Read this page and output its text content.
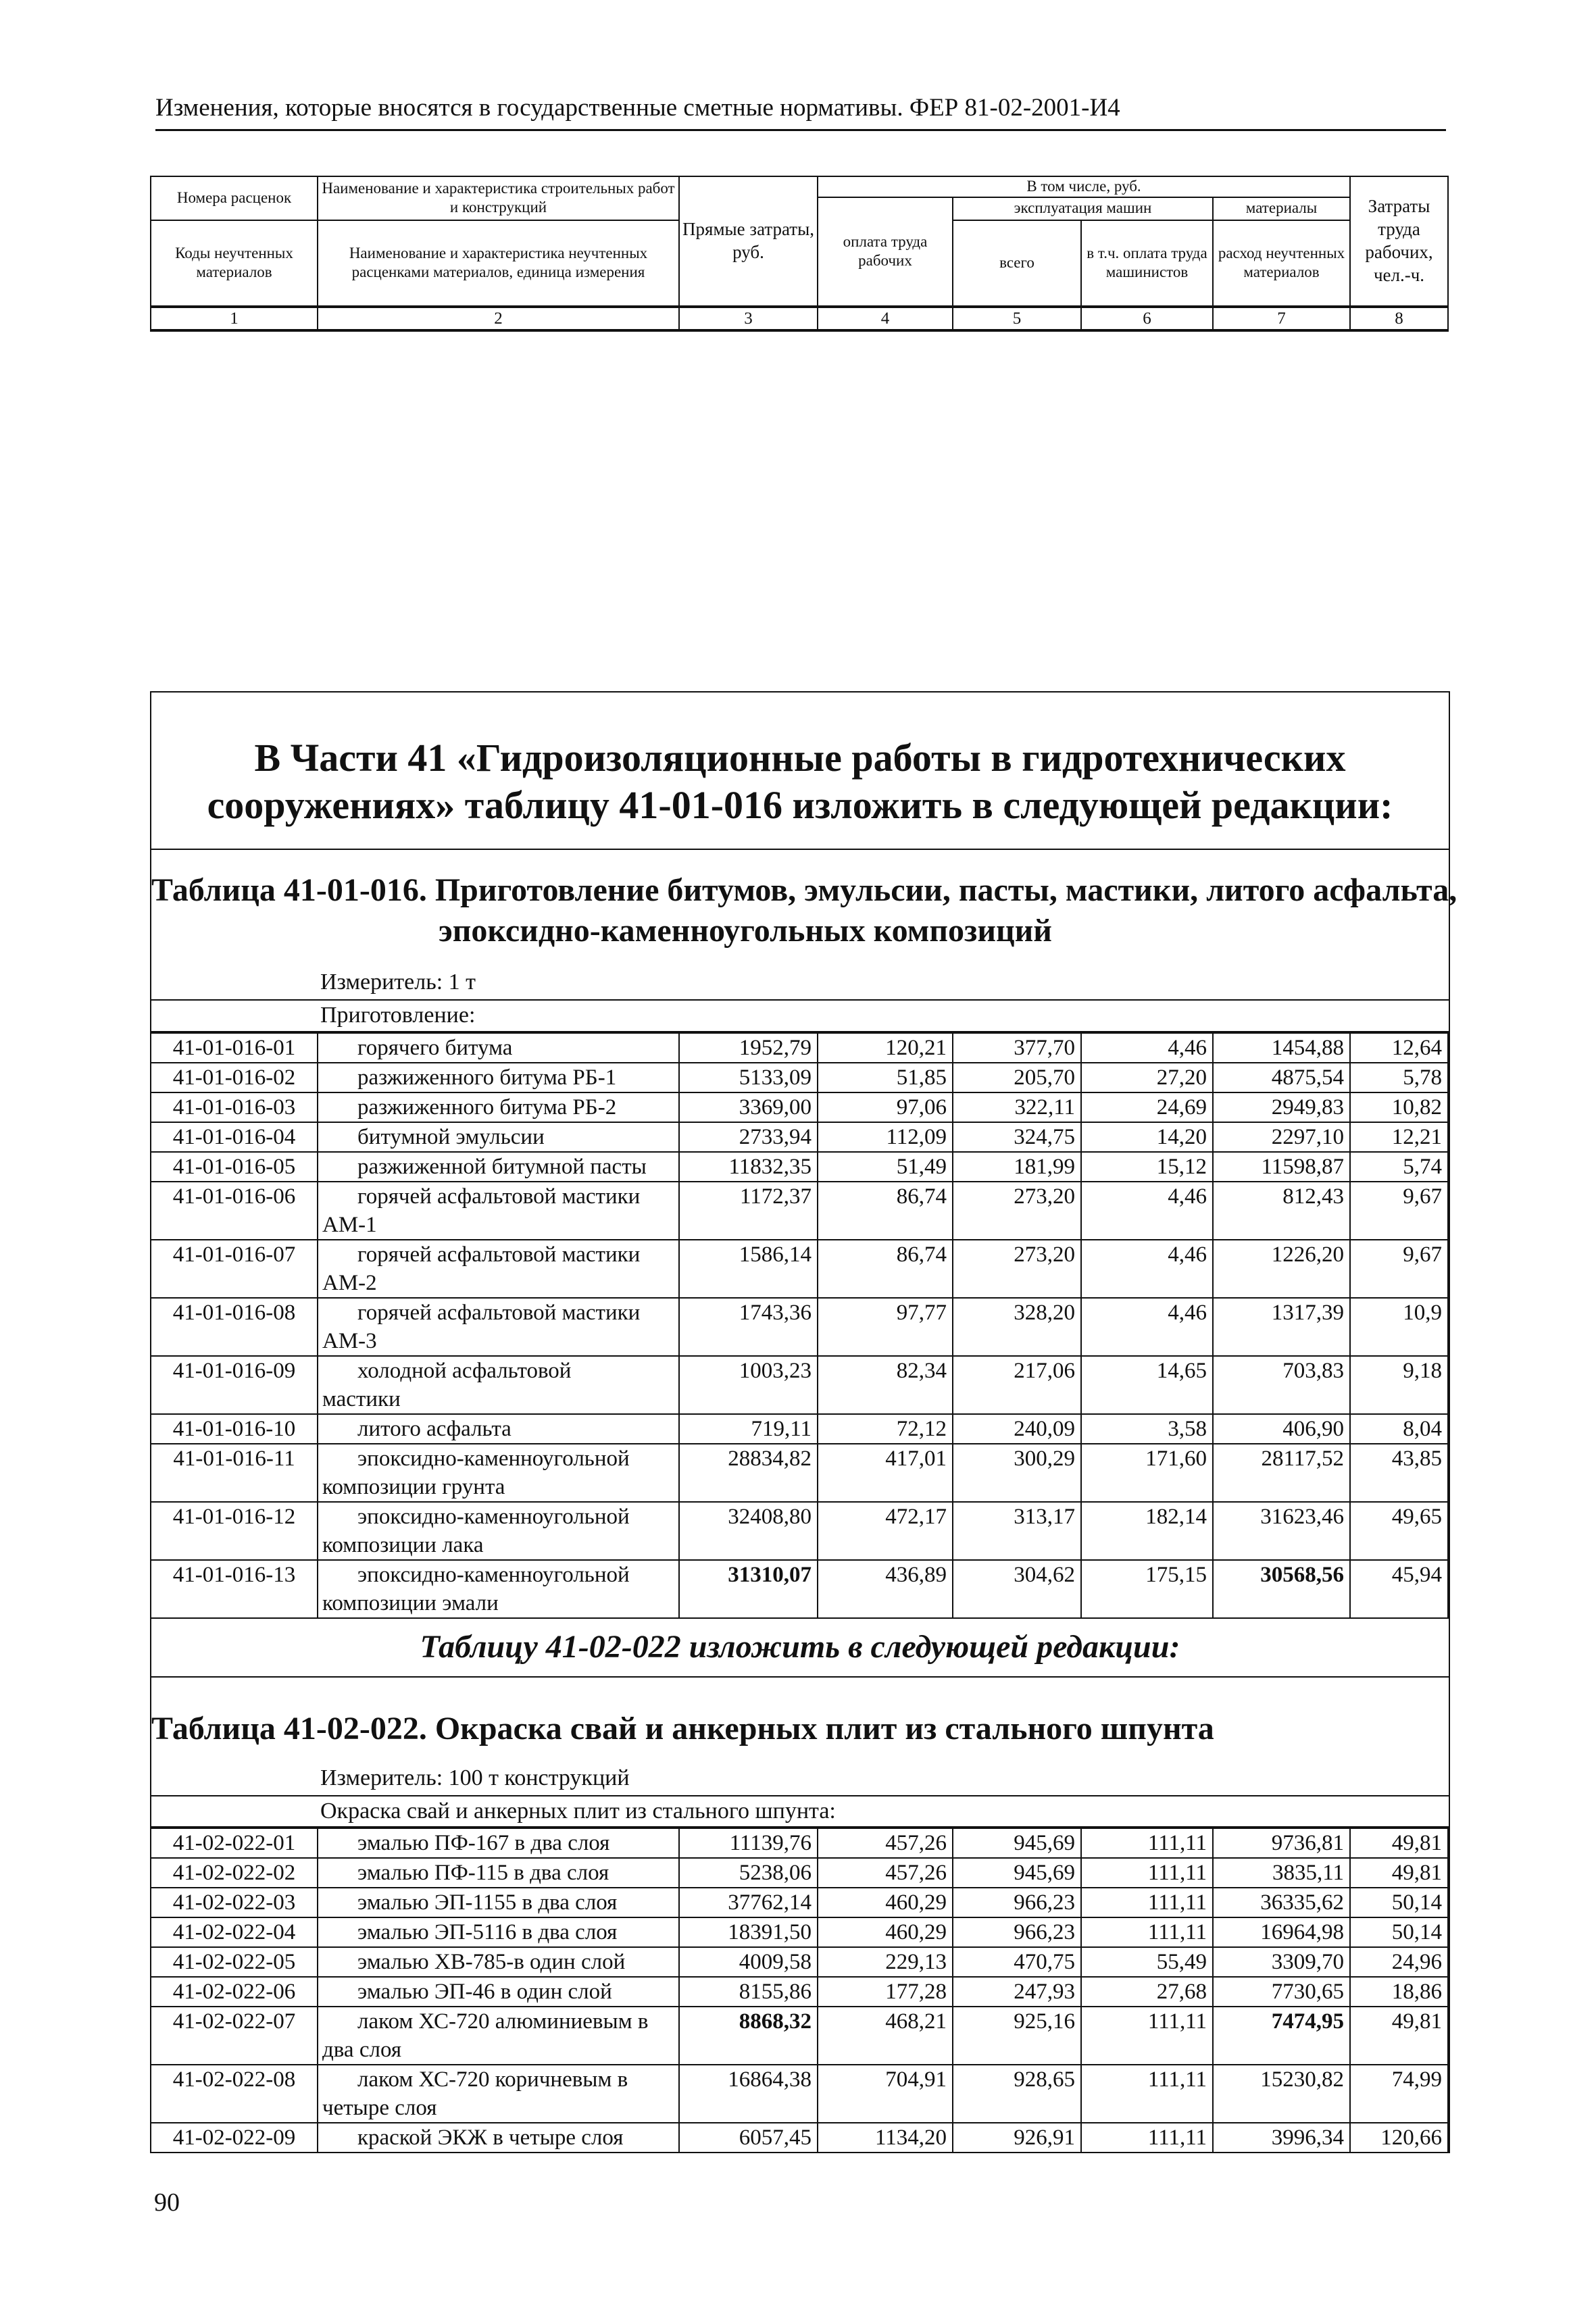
Изменения, которые вносятся в государственные сметные нормативы. ФЕР 81-02-2001-И4
Номера расценок	Наименование и характеристика строительных работ и конструкций	Прямые затраты, руб.	В том числе, руб.				Затраты труда рабочих, чел.-ч.
			оплата труда рабочих	эксплуатация машин		материалы	
Коды неучтенных материалов	Наименование и характеристика неучтенных расценками материалов, единица измерения			всего	в т.ч. оплата труда машинистов	расход неучтенных материалов	

1	2	3	4	5	6	7	8
В Части 41 «Гидроизоляционные работы в гидротехнических сооружениях» таблицу 41-01-016 изложить в следующей редакции:
Таблица 41-01-016. Приготовление битумов, эмульсии, пасты, мастики, литого асфальта,
эпоксидно-каменноугольных композиций
Измеритель: 1 т
Приготовление:
41-01-016-01	горячего битума	1952,79	120,21	377,70	4,46	1454,88	12,64
41-01-016-02	разжиженного битума РБ-1	5133,09	51,85	205,70	27,20	4875,54	5,78
41-01-016-03	разжиженного битума РБ-2	3369,00	97,06	322,11	24,69	2949,83	10,82
41-01-016-04	битумной эмульсии	2733,94	112,09	324,75	14,20	2297,10	12,21
41-01-016-05	разжиженной битумной пасты	11832,35	51,49	181,99	15,12	11598,87	5,74
41-01-016-06	горячей асфальтовой мастики
АМ-1	1172,37	86,74	273,20	4,46	812,43	9,67
41-01-016-07	горячей асфальтовой мастики
АМ-2	1586,14	86,74	273,20	4,46	1226,20	9,67
41-01-016-08	горячей асфальтовой мастики
АМ-3	1743,36	97,77	328,20	4,46	1317,39	10,9
41-01-016-09	холодной асфальтовой
мастики	1003,23	82,34	217,06	14,65	703,83	9,18
41-01-016-10	литого асфальта	719,11	72,12	240,09	3,58	406,90	8,04
41-01-016-11	эпоксидно-каменноугольной
композиции грунта	28834,82	417,01	300,29	171,60	28117,52	43,85
41-01-016-12	эпоксидно-каменноугольной
композиции лака	32408,80	472,17	313,17	182,14	31623,46	49,65
41-01-016-13	эпоксидно-каменноугольной
композиции эмали	31310,07	436,89	304,62	175,15	30568,56	45,94
Таблицу 41-02-022 изложить в следующей редакции:
Таблица 41-02-022. Окраска свай и анкерных плит из стального шпунта
Измеритель: 100 т конструкций
Окраска свай и анкерных плит из стального шпунта:
41-02-022-01	эмалью ПФ-167 в два слоя	11139,76	457,26	945,69	111,11	9736,81	49,81
41-02-022-02	эмалью ПФ-115 в два слоя	5238,06	457,26	945,69	111,11	3835,11	49,81
41-02-022-03	эмалью ЭП-1155 в два слоя	37762,14	460,29	966,23	111,11	36335,62	50,14
41-02-022-04	эмалью ЭП-5116 в два слоя	18391,50	460,29	966,23	111,11	16964,98	50,14
41-02-022-05	эмалью ХВ-785-в один слой	4009,58	229,13	470,75	55,49	3309,70	24,96
41-02-022-06	эмалью ЭП-46 в один слой	8155,86	177,28	247,93	27,68	7730,65	18,86
41-02-022-07	лаком ХС-720 алюминиевым в
два слоя	8868,32	468,21	925,16	111,11	7474,95	49,81
41-02-022-08	лаком ХС-720 коричневым в
четыре слоя	16864,38	704,91	928,65	111,11	15230,82	74,99
41-02-022-09	краской ЭКЖ в четыре слоя	6057,45	1134,20	926,91	111,11	3996,34	120,66
90
